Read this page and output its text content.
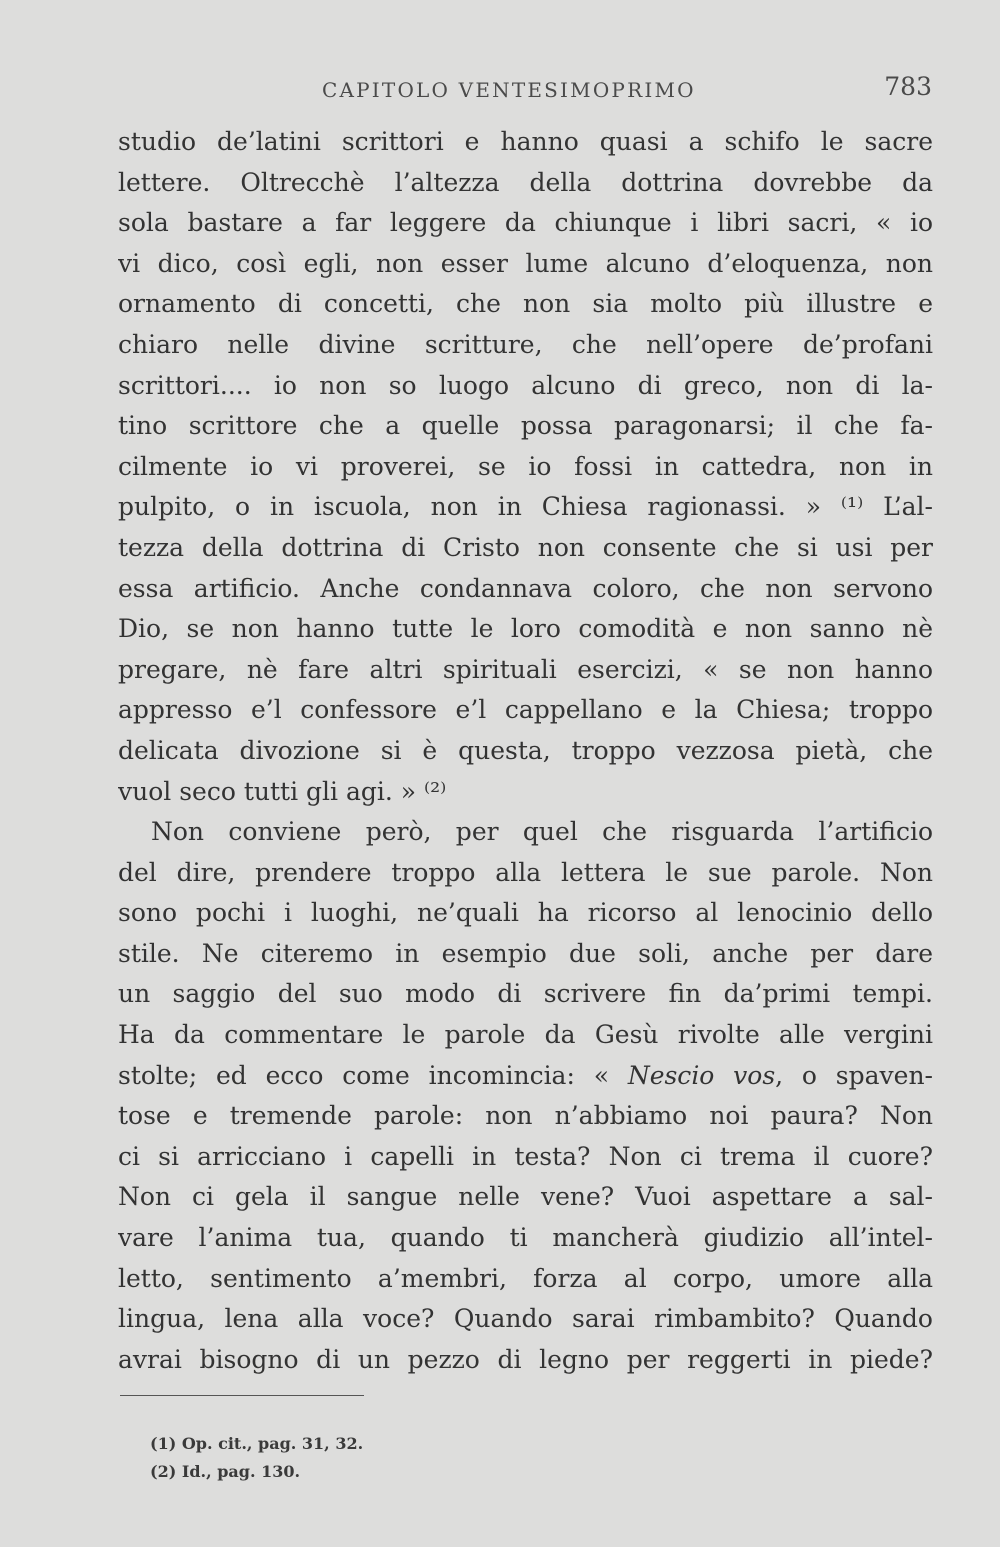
CAPITOLO VENTESIMOPRIMO	783
studio de’latini scrittori e hanno quasi a schifo le sacre
lettere. Oltrecchè l’altezza della dottrina dovrebbe da
sola bastare a far leggere da chiunque i libri sacri, « io
vi dico, così egli, non esser lume alcuno d’eloquenza, non
ornamento di concetti, che non sia molto più illustre e
chiaro nelle divine scritture, che nell’opere de’profani
scrittori.... io non so luogo alcuno di greco, non di la-
tino scrittore che a quelle possa paragonarsi; il che fa-
cilmente io vi proverei, se io fossi in cattedra, non in
pulpito, o in iscuola, non in Chiesa ragionassi. » ⁽¹⁾ L’al-
tezza della dottrina di Cristo non consente che si usi per
essa artificio. Anche condannava coloro, che non servono
Dio, se non hanno tutte le loro comodità e non sanno nè
pregare, nè fare altri spirituali esercizi, « se non hanno
appresso e’l confessore e’l cappellano e la Chiesa; troppo
delicata divozione si è questa, troppo vezzosa pietà, che
vuol seco tutti gli agi. » ⁽²⁾
Non conviene però, per quel che risguarda l’artificio
del dire, prendere troppo alla lettera le sue parole. Non
sono pochi i luoghi, ne’quali ha ricorso al lenocinio dello
stile. Ne citeremo in esempio due soli, anche per dare
un saggio del suo modo di scrivere fin da’primi tempi.
Ha da commentare le parole da Gesù rivolte alle vergini
stolte; ed ecco come incomincia: « Nescio vos, o spaven-
tose e tremende parole: non n’abbiamo noi paura? Non
ci si arricciano i capelli in testa? Non ci trema il cuore?
Non ci gela il sangue nelle vene? Vuoi aspettare a sal-
vare l’anima tua, quando ti mancherà giudizio all’intel-
letto, sentimento a’membri, forza al corpo, umore alla
lingua, lena alla voce? Quando sarai rimbambito? Quando
avrai bisogno di un pezzo di legno per reggerti in piede?
(1) Op. cit., pag. 31, 32.
(2) Id., pag. 130.
